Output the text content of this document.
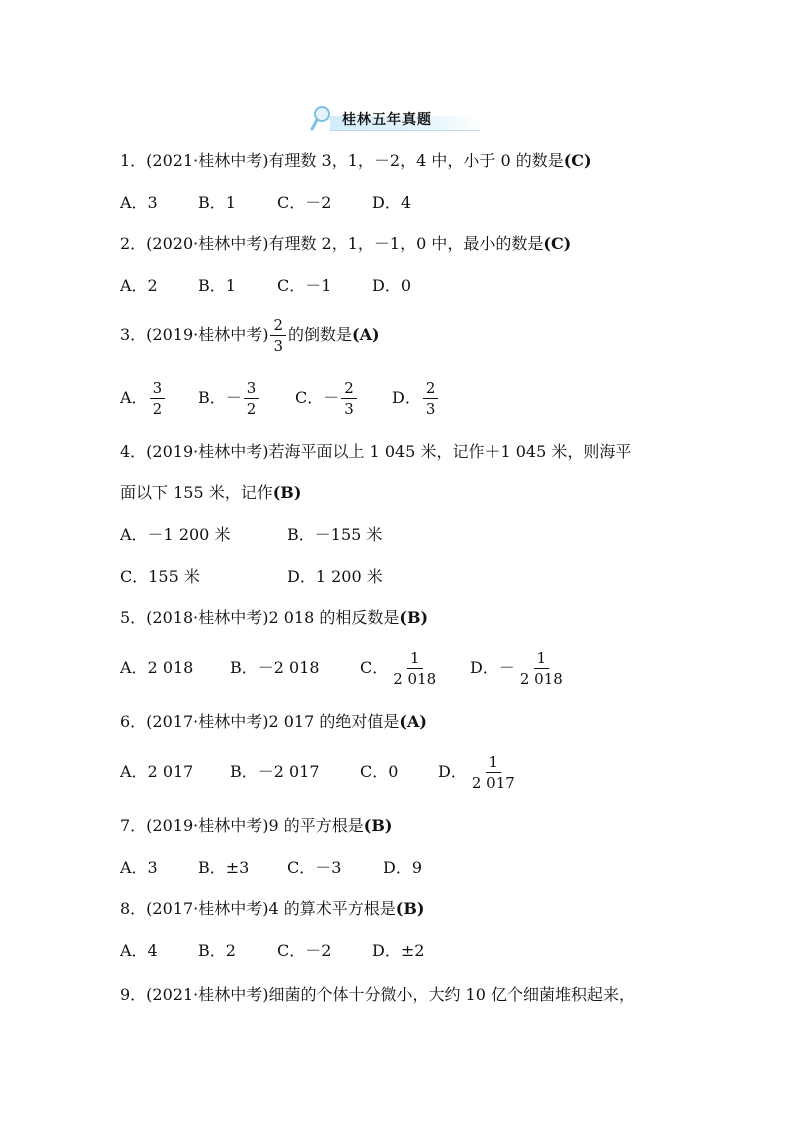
桂林五年真题
1．(2021·桂林中考)有理数 3，1，－2，4 中，小于 0 的数是(C)
A．3	B．1	C．－2	D．4
2．(2020·桂林中考)有理数 2，1，－1，0 中，最小的数是(C)
A．2	B．1	C．－1	D．0
3．(2019·桂林中考) $\frac{2}{3}$ 的倒数是(A)
A． $\frac{3}{2}$ B．－ $\frac{3}{2}$ C．－ $\frac{2}{3}$ D． $\frac{2}{3}$
4．(2019·桂林中考)若海平面以上 1 045 米，记作＋1 045 米，则海平
面以下 155 米，记作(B)
A．－1 200 米	B．－155 米
C．155 米	D．1 200 米
5．(2018·桂林中考)2 018 的相反数是(B)
A．2 018 B．－2 018	C． $\frac{1}{2 018}$ D．－ $\frac{1}{2 018}$
6．(2017·桂林中考)2 017 的绝对值是(A)
A．2 017 B．－2 017	C．0 D． $\frac{1}{2 017}$
7．(2019·桂林中考)9 的平方根是(B)
A．3	B．±3 C．－3	D．9
8．(2017·桂林中考)4 的算术平方根是(B)
A．4	B．2	C．－2	D．±2
9．(2021·桂林中考)细菌的个体十分微小，大约 10 亿个细菌堆积起来，
